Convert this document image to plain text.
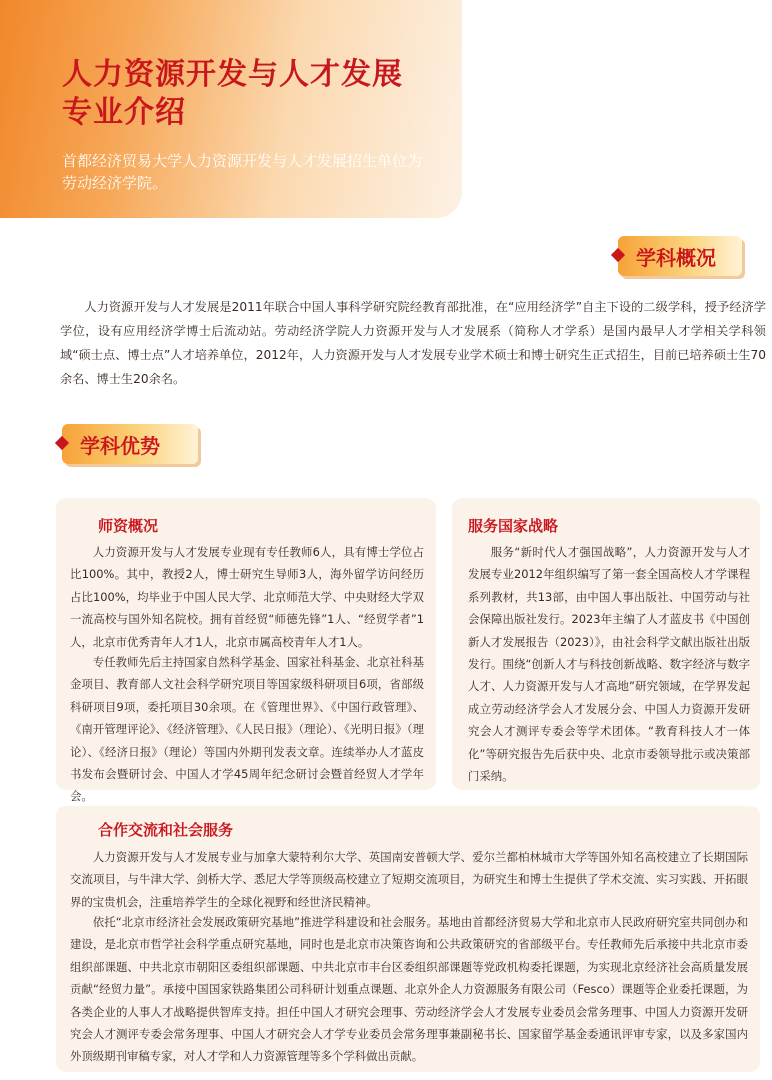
人力资源开发与人才发展
专业介绍
首都经济贸易大学人力资源开发与人才发展招生单位为劳动经济学院。
学科概况
人力资源开发与人才发展是2011年联合中国人事科学研究院经教育部批准，在“应用经济学”自主下设的二级学科，授予经济学学位，设有应用经济学博士后流动站。劳动经济学院人力资源开发与人才发展系（简称人才学系）是国内最早人才学相关学科领域“硕士点、博士点”人才培养单位，2012年，人力资源开发与人才发展专业学术硕士和博士研究生正式招生，目前已培养硕士生70余名、博士生20余名。
学科优势
师资概况
人力资源开发与人才发展专业现有专任教师6人，具有博士学位占比100%。其中，教授2人，博士研究生导师3人，海外留学访问经历占比100%，均毕业于中国人民大学、北京师范大学、中央财经大学双一流高校与国外知名院校。拥有首经贸“师德先锋”1人、“经贸学者”1人，北京市优秀青年人才1人，北京市属高校青年人才1人。
专任教师先后主持国家自然科学基金、国家社科基金、北京社科基金项目、教育部人文社会科学研究项目等国家级科研项目6项，省部级科研项目9项，委托项目30余项。在《管理世界》、《中国行政管理》、《南开管理评论》、《经济管理》、《人民日报》（理论）、《光明日报》（理论）、《经济日报》（理论）等国内外期刊发表文章。连续举办人才蓝皮书发布会暨研讨会、中国人才学45周年纪念研讨会暨首经贸人才学年会。
服务国家战略
服务“新时代人才强国战略”，人力资源开发与人才发展专业2012年组织编写了第一套全国高校人才学课程系列教材，共13部，由中国人事出版社、中国劳动与社会保障出版社发行。2023年主编了人才蓝皮书《中国创新人才发展报告（2023）》，由社会科学文献出版社出版发行。围绕“创新人才与科技创新战略、数字经济与数字人才、人力资源开发与人才高地”研究领域，在学界发起成立劳动经济学会人才发展分会、中国人力资源开发研究会人才测评专委会等学术团体。“教育科技人才一体化”等研究报告先后获中央、北京市委领导批示或决策部门采纳。
合作交流和社会服务
人力资源开发与人才发展专业与加拿大蒙特利尔大学、英国南安普顿大学、爱尔兰都柏林城市大学等国外知名高校建立了长期国际交流项目，与牛津大学、剑桥大学、悉尼大学等顶级高校建立了短期交流项目，为研究生和博士生提供了学术交流、实习实践、开拓眼界的宝贵机会，注重培养学生的全球化视野和经世济民精神。
依托“北京市经济社会发展政策研究基地”推进学科建设和社会服务。基地由首都经济贸易大学和北京市人民政府研究室共同创办和建设，是北京市哲学社会科学重点研究基地，同时也是北京市决策咨询和公共政策研究的省部级平台。专任教师先后承接中共北京市委组织部课题、中共北京市朝阳区委组织部课题、中共北京市丰台区委组织部课题等党政机构委托课题，为实现北京经济社会高质量发展贡献“经贸力量”。承接中国国家铁路集团公司科研计划重点课题、北京外企人力资源服务有限公司（Fesco）课题等企业委托课题，为各类企业的人事人才战略提供智库支持。担任中国人才研究会理事、劳动经济学会人才发展专业委员会常务理事、中国人力资源开发研究会人才测评专委会常务理事、中国人才研究会人才学专业委员会常务理事兼副秘书长、国家留学基金委通讯评审专家，以及多家国内外顶级期刊审稿专家，对人才学和人力资源管理等多个学科做出贡献。
